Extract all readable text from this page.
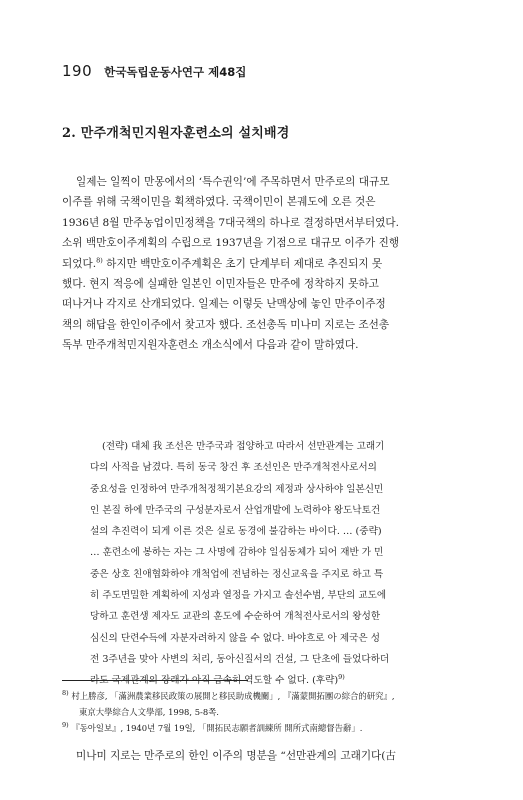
190 한국독립운동사연구 제48집
2. 만주개척민지원자훈련소의 설치배경
일제는 일찍이 만몽에서의 ‘특수권익’에 주목하면서 만주로의 대규모
이주를 위해 국책이민을 획책하였다. 국책이민이 본궤도에 오른 것은
1936년 8월 만주농업이민정책을 7대국책의 하나로 결정하면서부터였다.
소위 백만호이주계획의 수립으로 1937년을 기점으로 대규모 이주가 진행
되었다.$^{8)}$ 하지만 백만호이주계획은 초기 단계부터 제대로 추진되지 못
했다. 현지 적응에 실패한 일본인 이민자들은 만주에 정착하지 못하고
떠나거나 각지로 산개되었다. 일제는 이렇듯 난맥상에 놓인 만주이주정
책의 해답을 한인이주에서 찾고자 했다. 조선총독 미나미 지로는 조선총
독부 만주개척민지원자훈련소 개소식에서 다음과 같이 말하였다.
(전략) 대체 我 조선은 만주국과 접양하고 따라서 선만관계는 고래기
다의 사적을 남겼다. 특히 동국 창건 후 조선인은 만주개척전사로서의
중요성을 인정하여 만주개척정책기본요강의 제정과 상사하야 일본신민
인 본질 하에 만주국의 구성분자로서 산업개발에 노력하야 왕도낙토건
설의 추진력이 되게 이른 것은 실로 동경에 불감하는 바이다. … (중략)
… 훈련소에 봉하는 자는 그 사명에 감하야 일심동체가 되어 재반 가 민
중은 상호 친애협화하야 개척업에 전념하는 정신교육을 주지로 하고 특
히 주도면밀한 계획하에 지성과 열정을 가지고 솔선수범, 부단의 교도에
당하고 훈련생 제자도 교관의 훈도에 수순하여 개척전사로서의 왕성한
심신의 단련수득에 자분자려하지 않을 수 없다. 바야흐로 아 제국은 성
전 3주년을 맞아 사변의 처리, 동아신질서의 건설, 그 단초에 들었다하더
라도 국제관계의 장래가 아직 급속히 역도할 수 없다. (후략)$^{9)}$
$^{8)}$ 村上勝彦, 「滿洲農業移民政策の展開と移民助成機關」, 『滿蒙開拓團の綜合的研究』,
東京大學綜合人文學部, 1998, 5-8쪽.
$^{9)}$ 『동아일보』, 1940년 7월 19일, 「開拓民志願者訓練所 開所式南總督告辭」.
미나미 지로는 만주로의 한인 이주의 명분을 “선만관계의 고래기다(古
